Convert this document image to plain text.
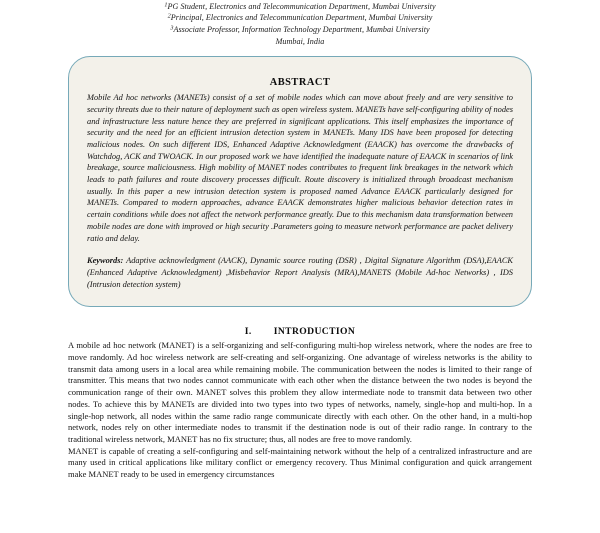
$^1$PG Student, Electronics and Telecommunication Department, Mumbai University
$^2$Principal, Electronics and Telecommunication Department, Mumbai University
$^3$Associate Professor, Information Technology Department, Mumbai University
Mumbai, India
ABSTRACT

Mobile Ad hoc networks (MANETs) consist of a set of mobile nodes which can move about freely and are very sensitive to security threats due to their nature of deployment such as open wireless system. MANETs have self-configuring ability of nodes and infrastructure less nature hence they are preferred in significant applications. This itself emphasizes the importance of security and the need for an efficient intrusion detection system in MANETs. Many IDS have been proposed for detecting malicious nodes. On such different IDS, Enhanced Adaptive Acknowledgment (EAACK) has overcome the drawbacks of Watchdog, ACK and TWOACK. In our proposed work we have identified the inadequate nature of EAACK in scenarios of link breakage, source maliciousness. High mobility of MANET nodes contributes to frequent link breakages in the network which leads to path failures and route discovery processes difficult. Route discovery is initialized through broadcast mechanism usually. In this paper a new intrusion detection system is proposed named Advance EAACK particularly designed for MANETs. Compared to modern approaches, advance EAACK demonstrates higher malicious behavior detection rates in certain conditions while does not affect the network performance greatly. Due to this mechanism data transformation between mobile nodes are done with improved or high security .Parameters going to measure network performance are packet delivery ratio and delay.

Keywords: Adaptive acknowledgment (AACK), Dynamic source routing (DSR) , Digital Signature Algorithm (DSA),EAACK (Enhanced Adaptive Acknowledgment) ,Misbehavior Report Analysis (MRA),MANETS (Mobile Ad-hoc Networks) , IDS (Intrusion detection system)

I. INTRODUCTION

A mobile ad hoc network (MANET) is a self-organizing and self-configuring multi-hop wireless network, where the nodes are free to move randomly. Ad hoc wireless network are self-creating and self-organizing. One advantage of wireless networks is the ability to transmit data among users in a local area while remaining mobile. The communication between the nodes is limited to their range of transmitter. This means that two nodes cannot communicate with each other when the distance between the two nodes is beyond the communication range of their own. MANET solves this problem they allow intermediate node to transmit data between two other nodes. To achieve this by MANETs are divided into two types into two types of networks, namely, single-hop and multi-hop. In a single-hop network, all nodes within the same radio range communicate directly with each other. On the other hand, in a multi-hop network, nodes rely on other intermediate nodes to transmit if the destination node is out of their radio range. In contrary to the traditional wireless network, MANET has no fix structure; thus, all nodes are free to move randomly.

MANET is capable of creating a self-configuring and self-maintaining network without the help of a centralized infrastructure and are many used in critical applications like military conflict or emergency recovery. Thus Minimal configuration and quick arrangement make MANET ready to be used in emergency circumstances
